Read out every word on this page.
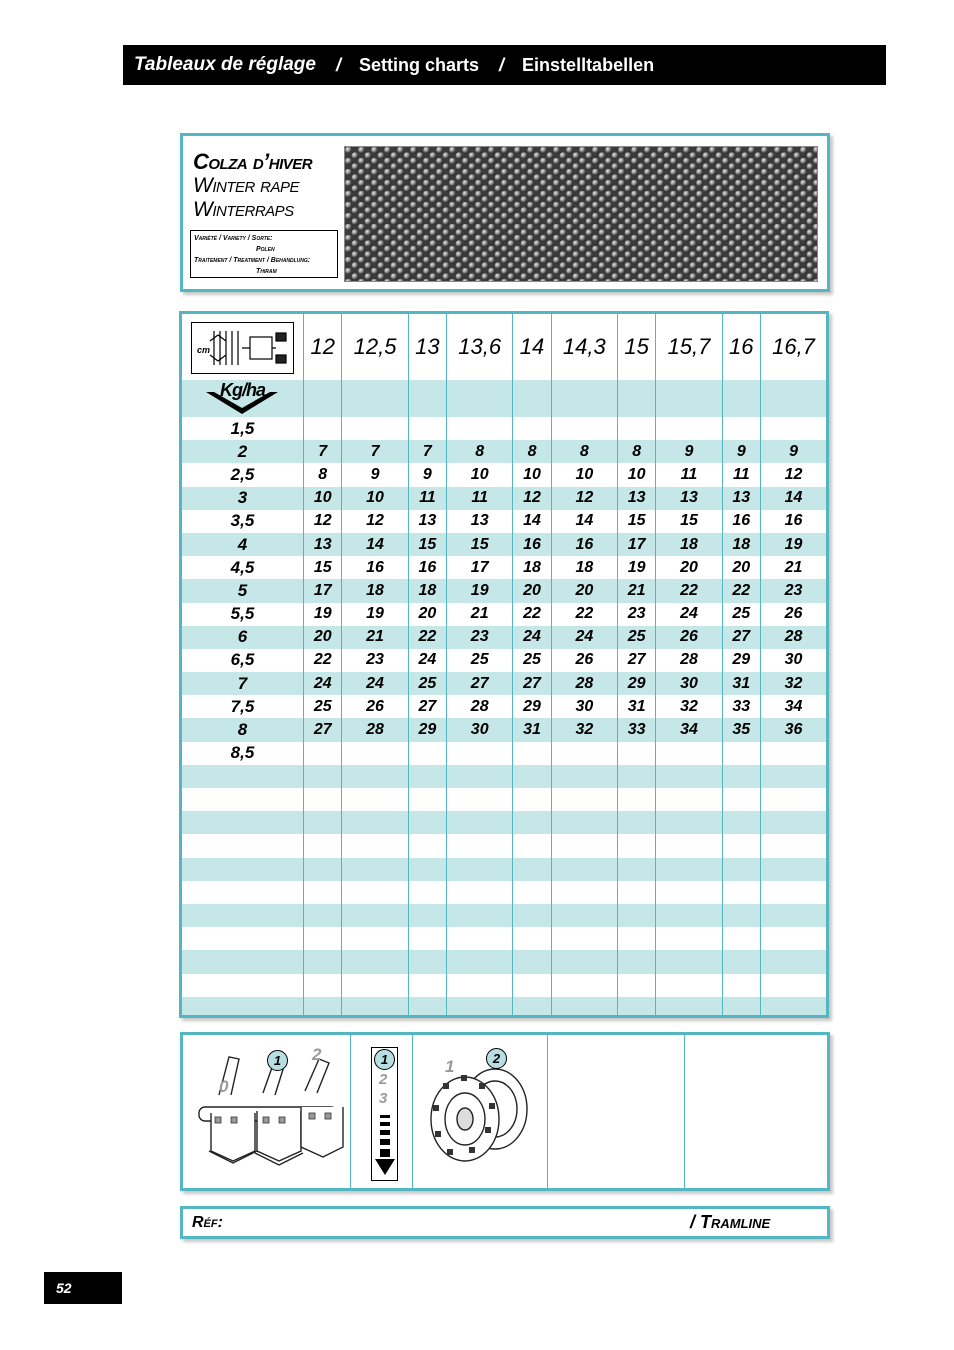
Tableaux de réglage / Setting charts / Einstelltabellen
Colza d’hiver
Winter rape
Winterraps
Variété / Variety / Sorte:
Polen
Traitement / Treatment / Behandlung:
Thiram
cm	12	12,5	13	13,6	14	14,3	15	15,7	16	16,7

Kg/ha										

1,5										
2	7	7	7	8	8	8	8	9	9	9
2,5	8	9	9	10	10	10	10	11	11	12
3	10	10	11	11	12	12	13	13	13	14
3,5	12	12	13	13	14	14	15	15	16	16
4	13	14	15	15	16	16	17	18	18	19
4,5	15	16	16	17	18	18	19	20	20	21
5	17	18	18	19	20	20	21	22	22	23
5,5	19	19	20	21	22	22	23	24	25	26
6	20	21	22	23	24	24	25	26	27	28
6,5	22	23	24	25	25	26	27	28	29	30
7	24	24	25	27	27	28	29	30	31	32
7,5	25	26	27	28	29	30	31	32	33	34
8	27	28	29	30	31	32	33	34	35	36
8,5										

0
1	2	1
2
3
1	2
Réf:	/ Tramline
52
